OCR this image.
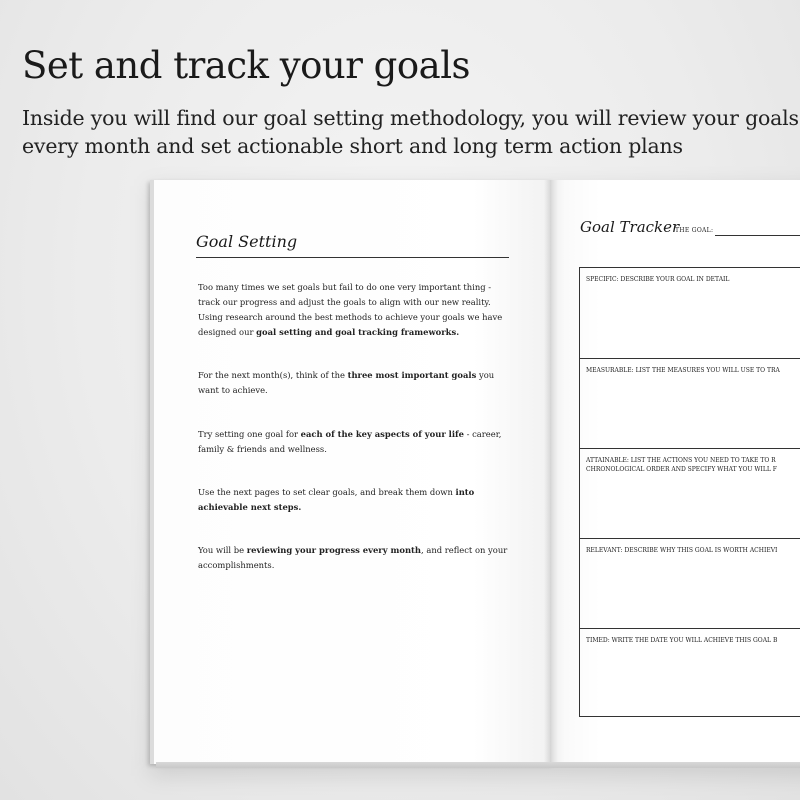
Set and track your goals

Inside you will find our goal setting methodology, you will review your goals every month and set actionable short and long term action plans

Goal Setting

Too many times we set goals but fail to do one very important thing - track our progress and adjust the goals to align with our new reality. Using research around the best methods to achieve your goals we have designed our goal setting and goal tracking frameworks.

For the next month(s), think of the three most important goals you want to achieve.

Try setting one goal for each of the key aspects of your life - career, family & friends and wellness.

Use the next pages to set clear goals, and break them down into achievable next steps.

You will be reviewing your progress every month, and reflect on your accomplishments.

Goal Tracker
THE GOAL:
SPECIFIC: DESCRIBE YOUR GOAL IN DETAIL
MEASURABLE: LIST THE MEASURES YOU WILL USE TO TRA
ATTAINABLE: LIST THE ACTIONS YOU NEED TO TAKE TO R
CHRONOLOGICAL ORDER AND SPECIFY WHAT YOU WILL F
RELEVANT: DESCRIBE WHY THIS GOAL IS WORTH ACHIEVI
TIMED: WRITE THE DATE YOU WILL ACHIEVE THIS GOAL B
